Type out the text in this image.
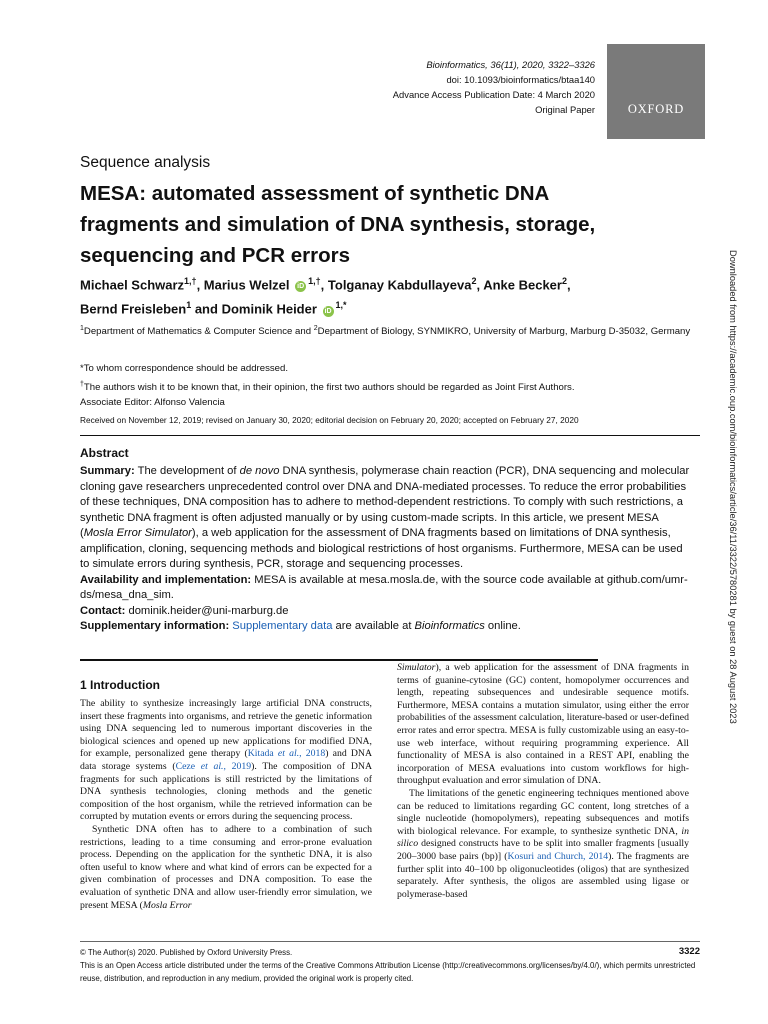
Bioinformatics, 36(11), 2020, 3322–3326
doi: 10.1093/bioinformatics/btaa140
Advance Access Publication Date: 4 March 2020
Original Paper	OXFORD
Sequence analysis
MESA: automated assessment of synthetic DNA fragments and simulation of DNA synthesis, storage, sequencing and PCR errors
Michael Schwarz$^{1,\dagger}$, Marius Welzel $iD^{1,\dagger}$, Tolganay Kabdullayeva$^2$, Anke Becker$^2$,
Bernd Freisleben$^1$ and Dominik Heider $iD^{1,*}$
$^1$Department of Mathematics & Computer Science and $^2$Department of Biology, SYNMIKRO, University of Marburg, Marburg D-35032, Germany
*To whom correspondence should be addressed.
†The authors wish it to be known that, in their opinion, the first two authors should be regarded as Joint First Authors.
Associate Editor: Alfonso Valencia
Received on November 12, 2019; revised on January 30, 2020; editorial decision on February 20, 2020; accepted on February 27, 2020
Abstract

Summary: The development of de novo DNA synthesis, polymerase chain reaction (PCR), DNA sequencing and molecular cloning gave researchers unprecedented control over DNA and DNA-mediated processes. To reduce the error probabilities of these techniques, DNA composition has to adhere to method-dependent restrictions. To comply with such restrictions, a synthetic DNA fragment is often adjusted manually or by using custom-made scripts. In this article, we present MESA (Mosla Error Simulator), a web application for the assessment of DNA fragments based on limitations of DNA synthesis, amplification, cloning, sequencing methods and biological restrictions of host organisms. Furthermore, MESA can be used to simulate errors during synthesis, PCR, storage and sequencing processes.

Availability and implementation: MESA is available at mesa.mosla.de, with the source code available at github.com/umr-ds/mesa_dna_sim.

Contact: dominik.heider@uni-marburg.de

Supplementary information: Supplementary data are available at Bioinformatics online.

1 Introduction

The ability to synthesize increasingly large artificial DNA constructs, insert these fragments into organisms, and retrieve the genetic information using DNA sequencing led to numerous important discoveries in the biological sciences and opened up new applications for modified DNA, for example, personalized gene therapy (Kitada et al., 2018) and DNA data storage systems (Ceze et al., 2019). The composition of DNA fragments for such applications is still restricted by the limitations of DNA synthesis technologies, cloning methods and the genetic composition of the host organism, while the retrieved information can be corrupted by mutation events or errors during the sequencing process.

Synthetic DNA often has to adhere to a combination of such restrictions, leading to a time consuming and error-prone evaluation process. Depending on the application for the synthetic DNA, it is also often useful to know where and what kind of errors can be expected for a given combination of processes and DNA composition. To ease the evaluation of synthetic DNA and allow user-friendly error simulation, we present MESA (Mosla Error

Simulator), a web application for the assessment of DNA fragments in terms of guanine-cytosine (GC) content, homopolymer occurrences and length, repeating subsequences and undesirable sequence motifs. Furthermore, MESA contains a mutation simulator, using either the error probabilities of the assessment calculation, literature-based or user-defined error rates and error spectra. MESA is fully customizable using an easy-to-use web interface, without requiring programming experience. All functionality of MESA is also contained in a REST API, enabling the incorporation of MESA evaluations into custom workflows for high-throughput evaluation and error simulation of DNA.

The limitations of the genetic engineering techniques mentioned above can be reduced to limitations regarding GC content, long stretches of a single nucleotide (homopolymers), repeating subsequences and motifs with biological relevance. For example, to synthesize synthetic DNA, in silico designed constructs have to be split into smaller fragments [usually 200–3000 base pairs (bp)] (Kosuri and Church, 2014). The fragments are further split into 40–100 bp oligonucleotides (oligos) that are synthesized separately. After synthesis, the oligos are assembled using ligase or polymerase-based

© The Author(s) 2020. Published by Oxford University Press.
This is an Open Access article distributed under the terms of the Creative Commons Attribution License (http://creativecommons.org/licenses/by/4.0/), which permits unrestricted reuse, distribution, and reproduction in any medium, provided the original work is properly cited.
3322
Downloaded from https://academic.oup.com/bioinformatics/article/36/11/3322/5780281 by guest on 28 August 2023
